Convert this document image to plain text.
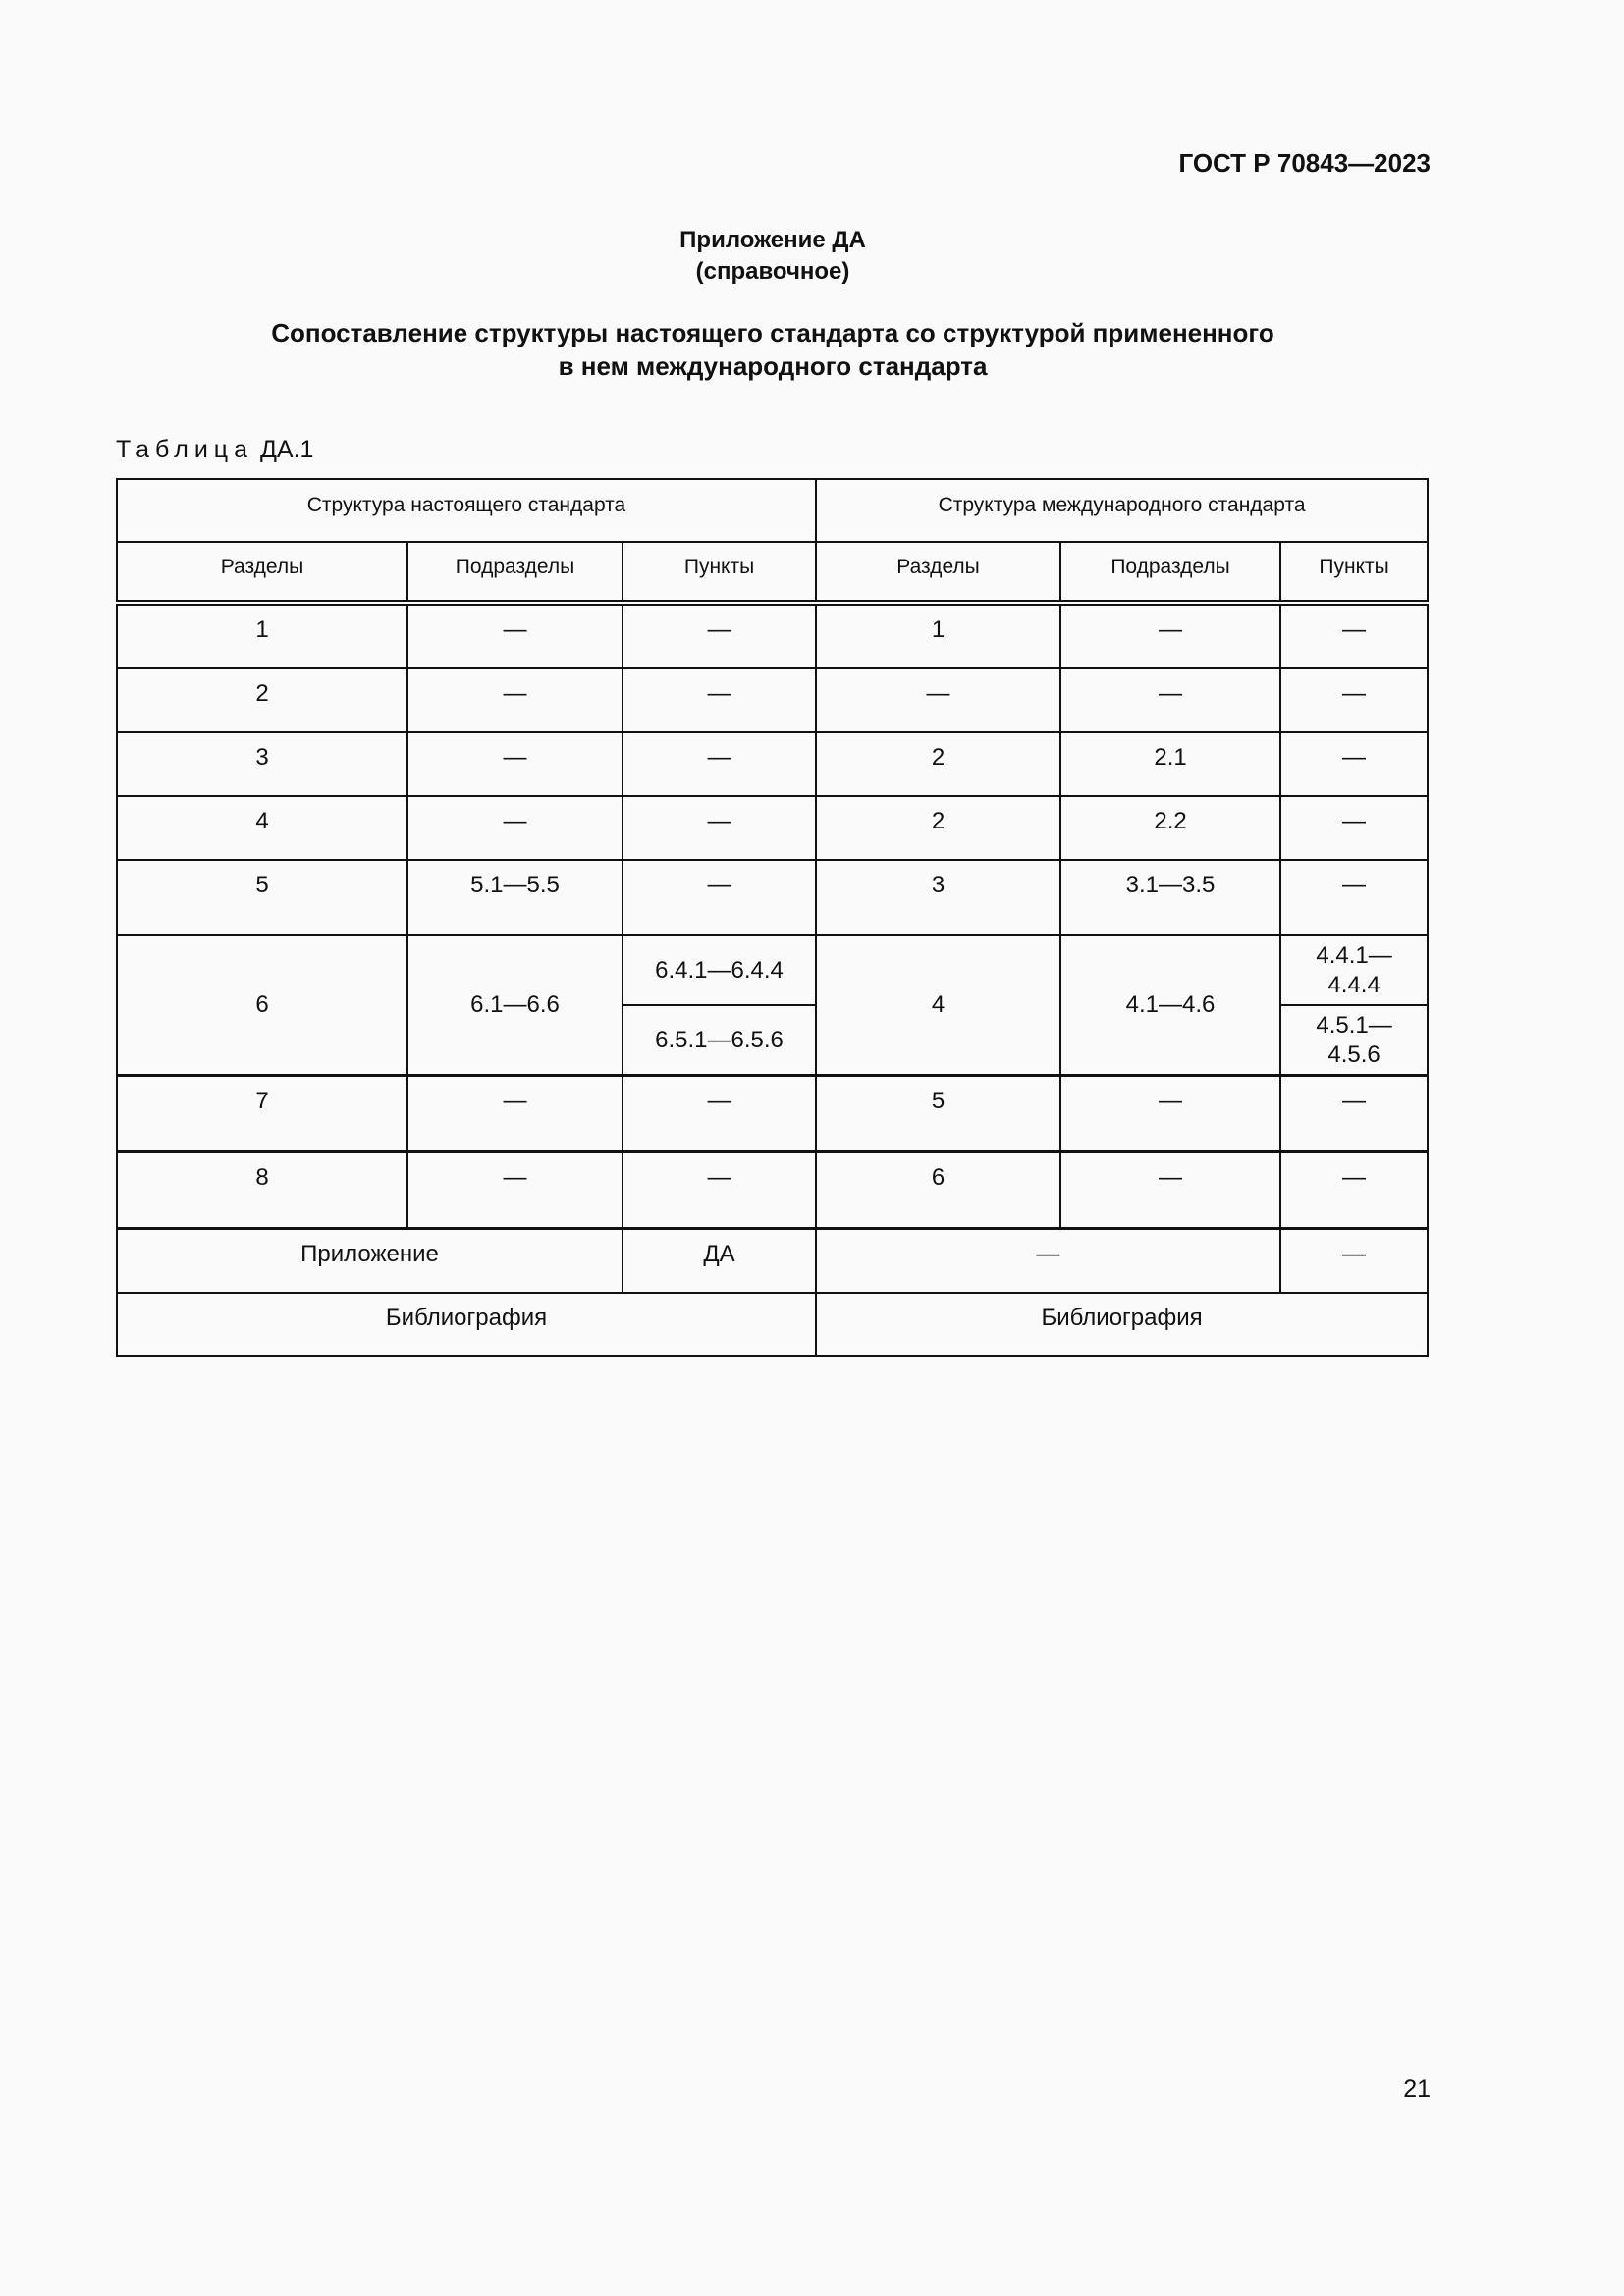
ГОСТ Р 70843—2023
Приложение ДА
(справочное)
Сопоставление структуры настоящего стандарта со структурой примененного
в нем международного стандарта
Таблица ДА.1
Структура настоящего стандарта			Структура международного стандарта		
Разделы	Подразделы	Пункты	Разделы	Подразделы	Пункты
1	—	—	1	—	—
2	—	—	—	—	—
3	—	—	2	2.1	—
4	—	—	2	2.2	—
5	5.1—5.5	—	3	3.1—3.5	—
6	6.1—6.6	6.4.1—6.4.4	4	4.1—4.6	4.4.1—
4.4.4

		6.5.1—6.5.6			4.5.1—
4.5.6

7	—	—	5	—	—
8	—	—	6	—	—
Приложение		ДА	—		—
Библиография			Библиография		
21
